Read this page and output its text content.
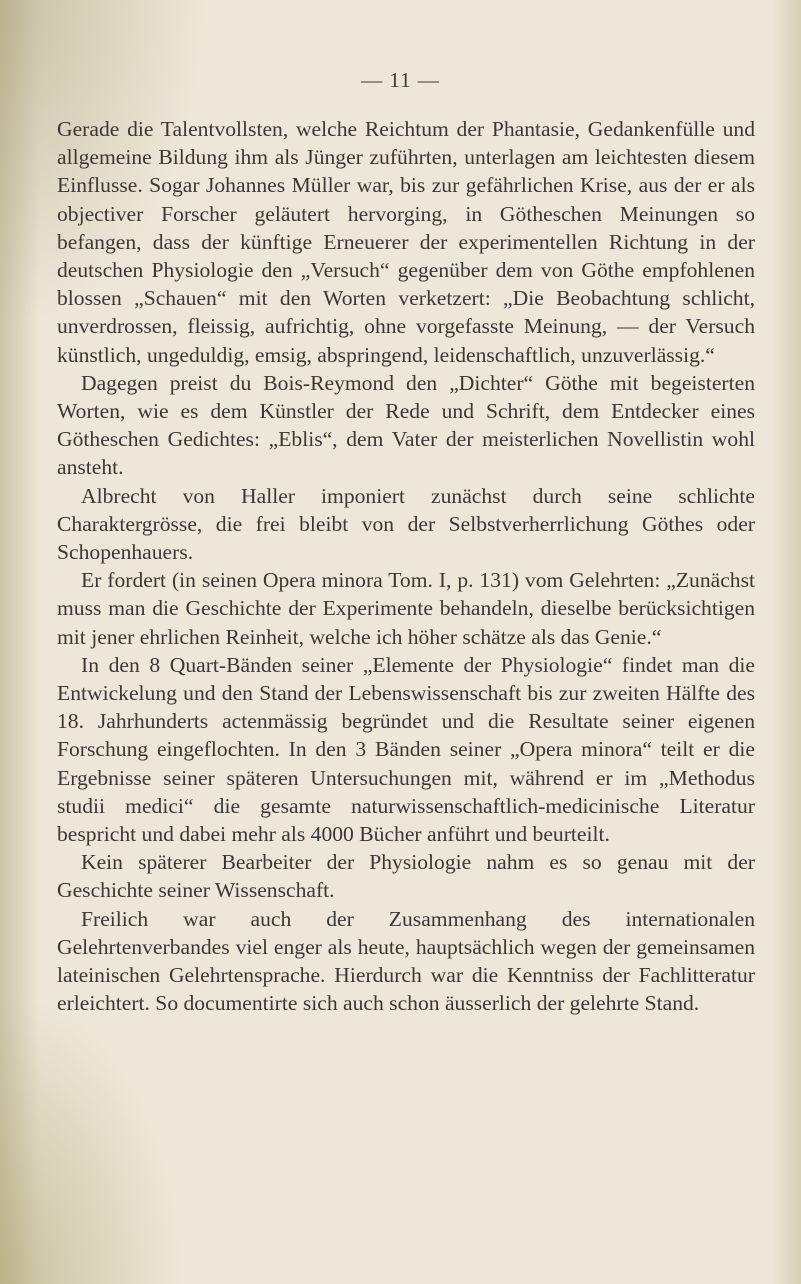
— 11 —

Gerade die Talentvollsten, welche Reichtum der Phantasie, Gedankenfülle und allgemeine Bildung ihm als Jünger zuführten, unterlagen am leichtesten diesem Einflusse. Sogar Johannes Müller war, bis zur gefährlichen Krise, aus der er als objectiver Forscher geläutert hervorging, in Götheschen Meinungen so befangen, dass der künftige Erneuerer der experimentellen Richtung in der deutschen Physiologie den „Versuch“ gegenüber dem von Göthe empfohlenen blossen „Schauen“ mit den Worten verketzert: „Die Beobachtung schlicht, unverdrossen, fleissig, aufrichtig, ohne vorgefasste Meinung, — der Versuch künstlich, ungeduldig, emsig, abspringend, leidenschaftlich, unzuverlässig.“

Dagegen preist du Bois-Reymond den „Dichter“ Göthe mit begeisterten Worten, wie es dem Künstler der Rede und Schrift, dem Entdecker eines Götheschen Gedichtes: „Eblis“, dem Vater der meisterlichen Novellistin wohl ansteht.

Albrecht von Haller imponiert zunächst durch seine schlichte Charaktergrösse, die frei bleibt von der Selbstverherrlichung Göthes oder Schopenhauers.

Er fordert (in seinen Opera minora Tom. I, p. 131) vom Gelehrten: „Zunächst muss man die Geschichte der Experimente behandeln, dieselbe berücksichtigen mit jener ehrlichen Reinheit, welche ich höher schätze als das Genie.“

In den 8 Quart-Bänden seiner „Elemente der Physiologie“ findet man die Entwickelung und den Stand der Lebenswissenschaft bis zur zweiten Hälfte des 18. Jahrhunderts actenmässig begründet und die Resultate seiner eigenen Forschung eingeflochten. In den 3 Bänden seiner „Opera minora“ teilt er die Ergebnisse seiner späteren Untersuchungen mit, während er im „Methodus studii medici“ die gesamte naturwissenschaftlich-medicinische Literatur bespricht und dabei mehr als 4000 Bücher anführt und beurteilt.

Kein späterer Bearbeiter der Physiologie nahm es so genau mit der Geschichte seiner Wissenschaft.

Freilich war auch der Zusammenhang des internationalen Gelehrtenverbandes viel enger als heute, hauptsächlich wegen der gemeinsamen lateinischen Gelehrtensprache. Hierdurch war die Kenntniss der Fachlitteratur erleichtert. So documentirte sich auch schon äusserlich der gelehrte Stand.
